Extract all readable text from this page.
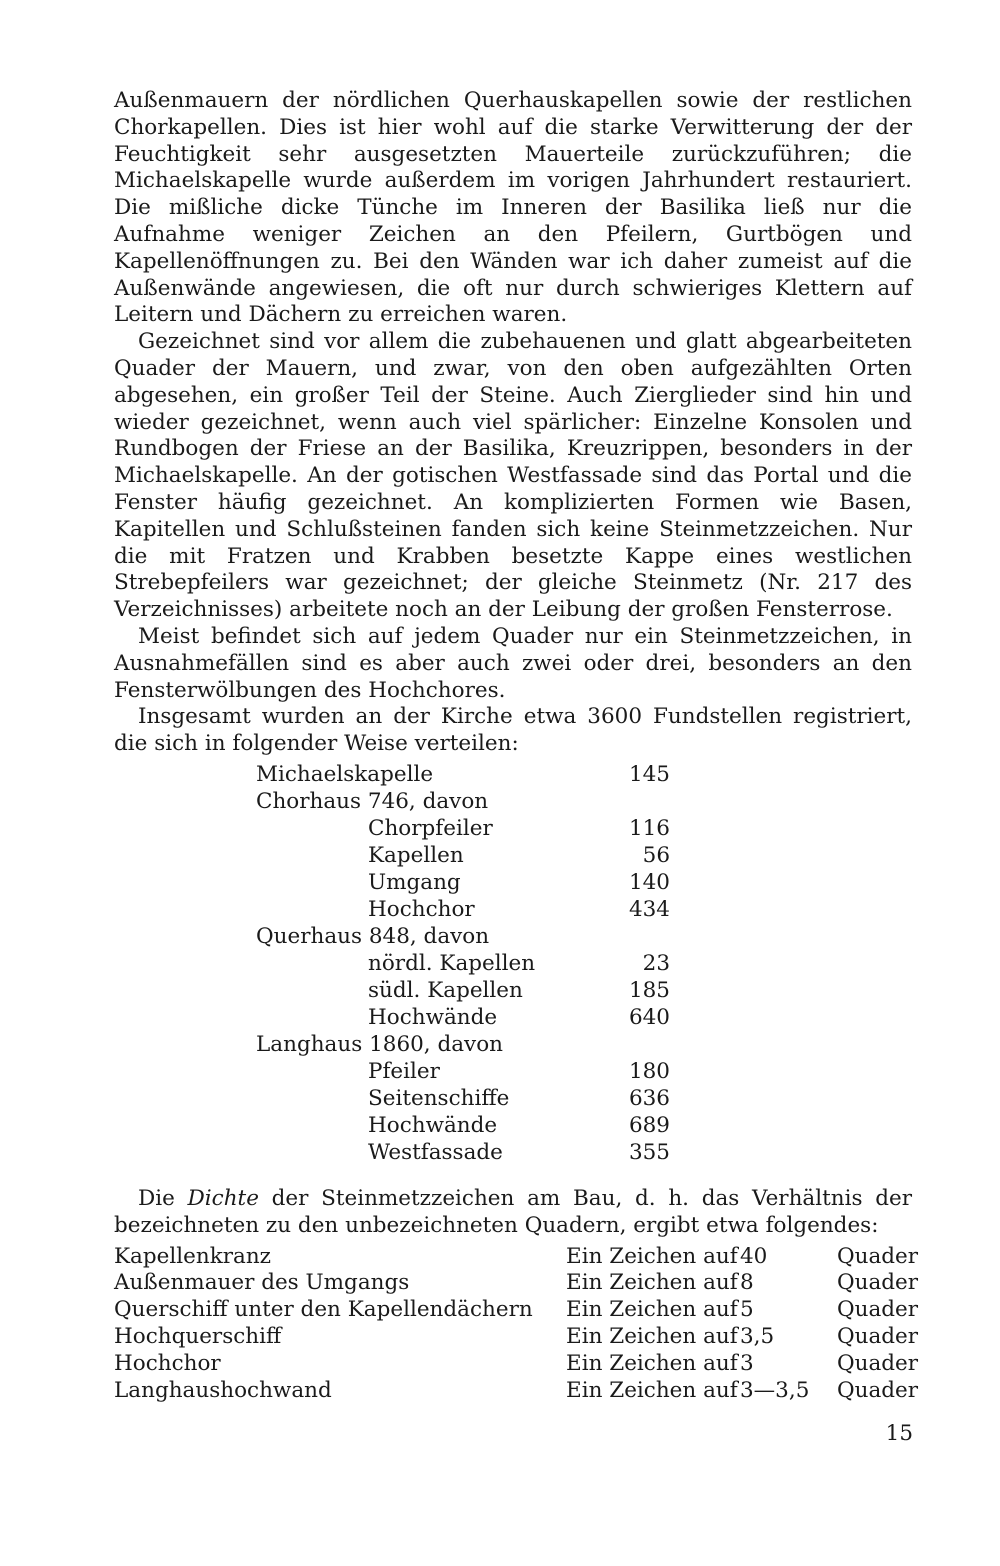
Außenmauern der nördlichen Querhauskapellen sowie der restlichen Chorkapellen. Dies ist hier wohl auf die starke Verwitterung der der Feuchtigkeit sehr ausgesetzten Mauerteile zurückzuführen; die Michaelskapelle wurde außerdem im vorigen Jahrhundert restauriert. Die mißliche dicke Tünche im Inneren der Basilika ließ nur die Aufnahme weniger Zeichen an den Pfeilern, Gurtbögen und Kapellenöffnungen zu. Bei den Wänden war ich daher zumeist auf die Außenwände angewiesen, die oft nur durch schwieriges Klettern auf Leitern und Dächern zu erreichen waren.

Gezeichnet sind vor allem die zubehauenen und glatt abgearbeiteten Quader der Mauern, und zwar, von den oben aufgezählten Orten abgesehen, ein großer Teil der Steine. Auch Zierglieder sind hin und wieder gezeichnet, wenn auch viel spärlicher: Einzelne Konsolen und Rundbogen der Friese an der Basilika, Kreuzrippen, besonders in der Michaelskapelle. An der gotischen Westfassade sind das Portal und die Fenster häufig gezeichnet. An komplizierten Formen wie Basen, Kapitellen und Schlußsteinen fanden sich keine Steinmetzzeichen. Nur die mit Fratzen und Krabben besetzte Kappe eines westlichen Strebepfeilers war gezeichnet; der gleiche Steinmetz (Nr. 217 des Verzeichnisses) arbeitete noch an der Leibung der großen Fensterrose.

Meist befindet sich auf jedem Quader nur ein Steinmetzzeichen, in Ausnahmefällen sind es aber auch zwei oder drei, besonders an den Fensterwölbungen des Hochchores.

Insgesamt wurden an der Kirche etwa 3600 Fundstellen registriert, die sich in folgender Weise verteilen:

Michaelskapelle	145
Chorhaus 746, davon
Chorpfeiler	116
Kapellen	56
Umgang	140
Hochchor	434
Querhaus 848, davon
nördl. Kapellen	23
südl. Kapellen	185
Hochwände	640
Langhaus 1860, davon
Pfeiler	180
Seitenschiffe	636
Hochwände	689
Westfassade	355

Die Dichte der Steinmetzzeichen am Bau, d. h. das Verhältnis der bezeichneten zu den unbezeichneten Quadern, ergibt etwa folgendes:

Kapellenkranz	Ein Zeichen auf 40	Quader
Außenmauer des Umgangs	Ein Zeichen auf 8	Quader
Querschiff unter den Kapellendächern Ein Zeichen auf 5	Quader
Hochquerschiff	Ein Zeichen auf 3,5	Quader
Hochchor	Ein Zeichen auf 3	Quader
Langhaushochwand	Ein Zeichen auf 3—3,5 Quader
15
